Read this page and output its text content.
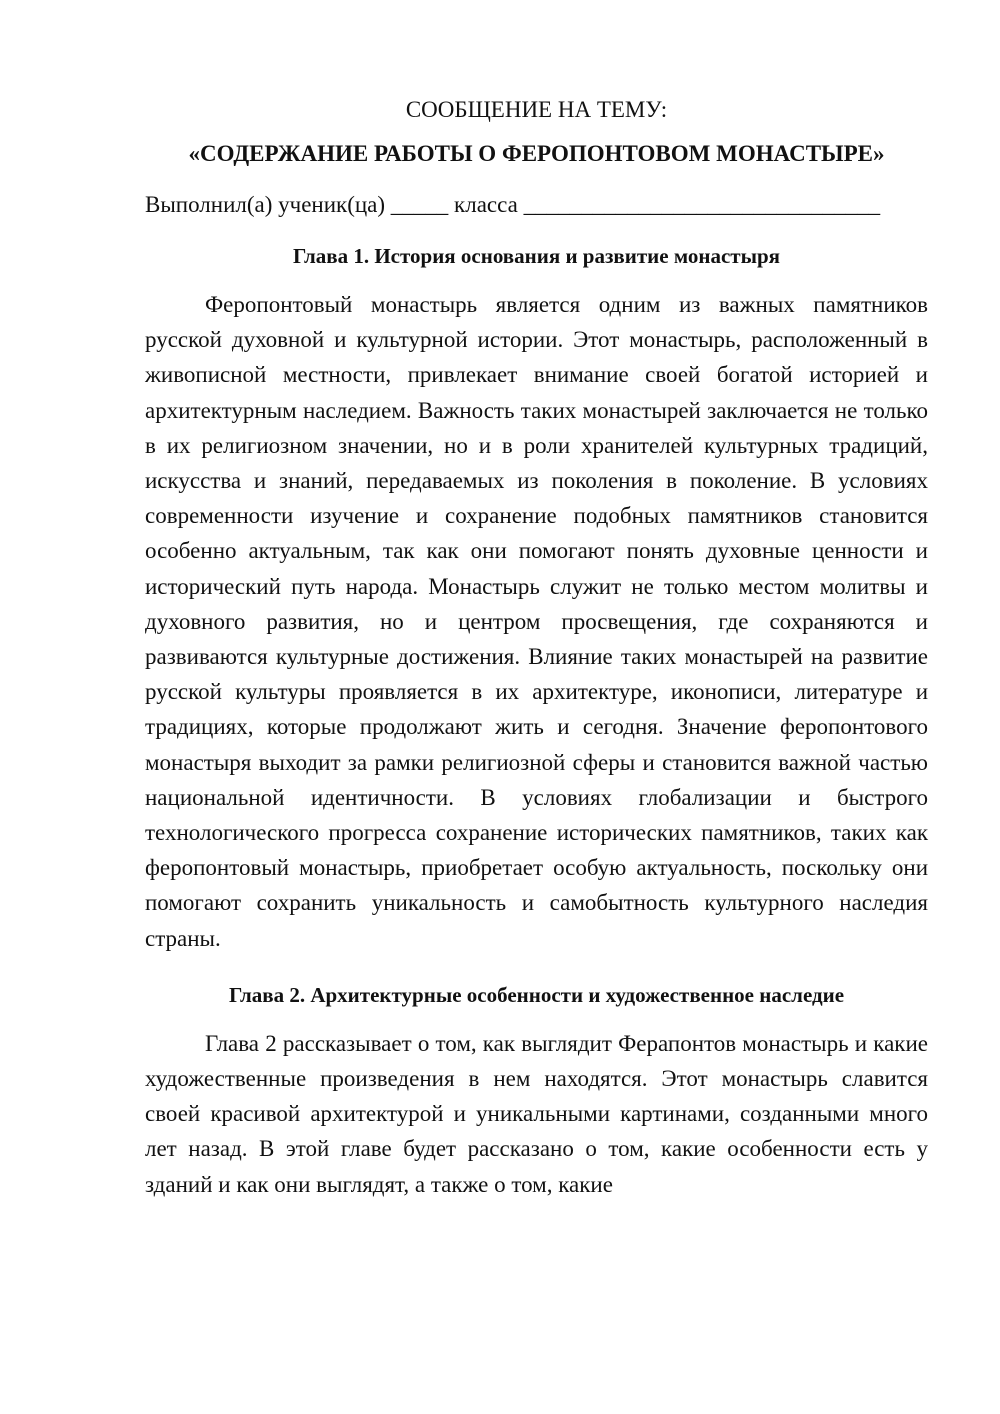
СООБЩЕНИЕ НА ТЕМУ:

«СОДЕРЖАНИЕ РАБОТЫ О ФЕРОПОНТОВОМ МОНАСТЫРЕ»

Выполнил(а) ученик(ца) _____ класса _______________________________

Глава 1. История основания и развитие монастыря

Феропонтовый монастырь является одним из важных памятников русской духовной и культурной истории. Этот монастырь, расположенный в живописной местности, привлекает внимание своей богатой историей и архитектурным наследием. Важность таких монастырей заключается не только в их религиозном значении, но и в роли хранителей культурных традиций, искусства и знаний, передаваемых из поколения в поколение. В условиях современности изучение и сохранение подобных памятников становится особенно актуальным, так как они помогают понять духовные ценности и исторический путь народа. Монастырь служит не только местом молитвы и духовного развития, но и центром просвещения, где сохраняются и развиваются культурные достижения. Влияние таких монастырей на развитие русской культуры проявляется в их архитектуре, иконописи, литературе и традициях, которые продолжают жить и сегодня. Значение феропонтового монастыря выходит за рамки религиозной сферы и становится важной частью национальной идентичности. В условиях глобализации и быстрого технологического прогресса сохранение исторических памятников, таких как феропонтовый монастырь, приобретает особую актуальность, поскольку они помогают сохранить уникальность и самобытность культурного наследия страны.

Глава 2. Архитектурные особенности и художественное наследие

Глава 2 рассказывает о том, как выглядит Ферапонтов монастырь и какие художественные произведения в нем находятся. Этот монастырь славится своей красивой архитектурой и уникальными картинами, созданными много лет назад. В этой главе будет рассказано о том, какие особенности есть у зданий и как они выглядят, а также о том, какие
